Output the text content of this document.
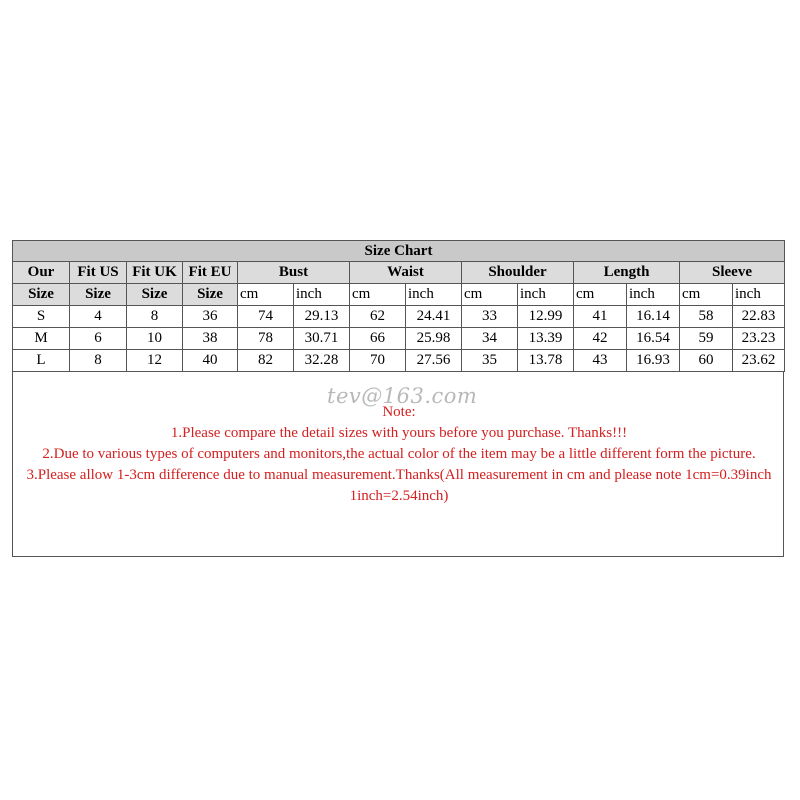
Size Chart													
Our	Fit US	Fit UK	Fit EU	Bust		Waist		Shoulder		Length		Sleeve	
Size	Size	Size	Size	cm	inch	cm	inch	cm	inch	cm	inch	cm	inch
S	4	8	36	74	29.13	62	24.41	33	12.99	41	16.14	58	22.83
M	6	10	38	78	30.71	66	25.98	34	13.39	42	16.54	59	23.23
L	8	12	40	82	32.28	70	27.56	35	13.78	43	16.93	60	23.62
tev@163.com

Note:

1.Please compare the detail sizes with yours before you purchase. Thanks!!!

2.Due to various types of computers and monitors,the actual color of the item may be a little different form the picture.

3.Please allow 1-3cm difference due to manual measurement.Thanks(All measurement in cm and please note 1cm=0.39inch 1inch=2.54inch)
